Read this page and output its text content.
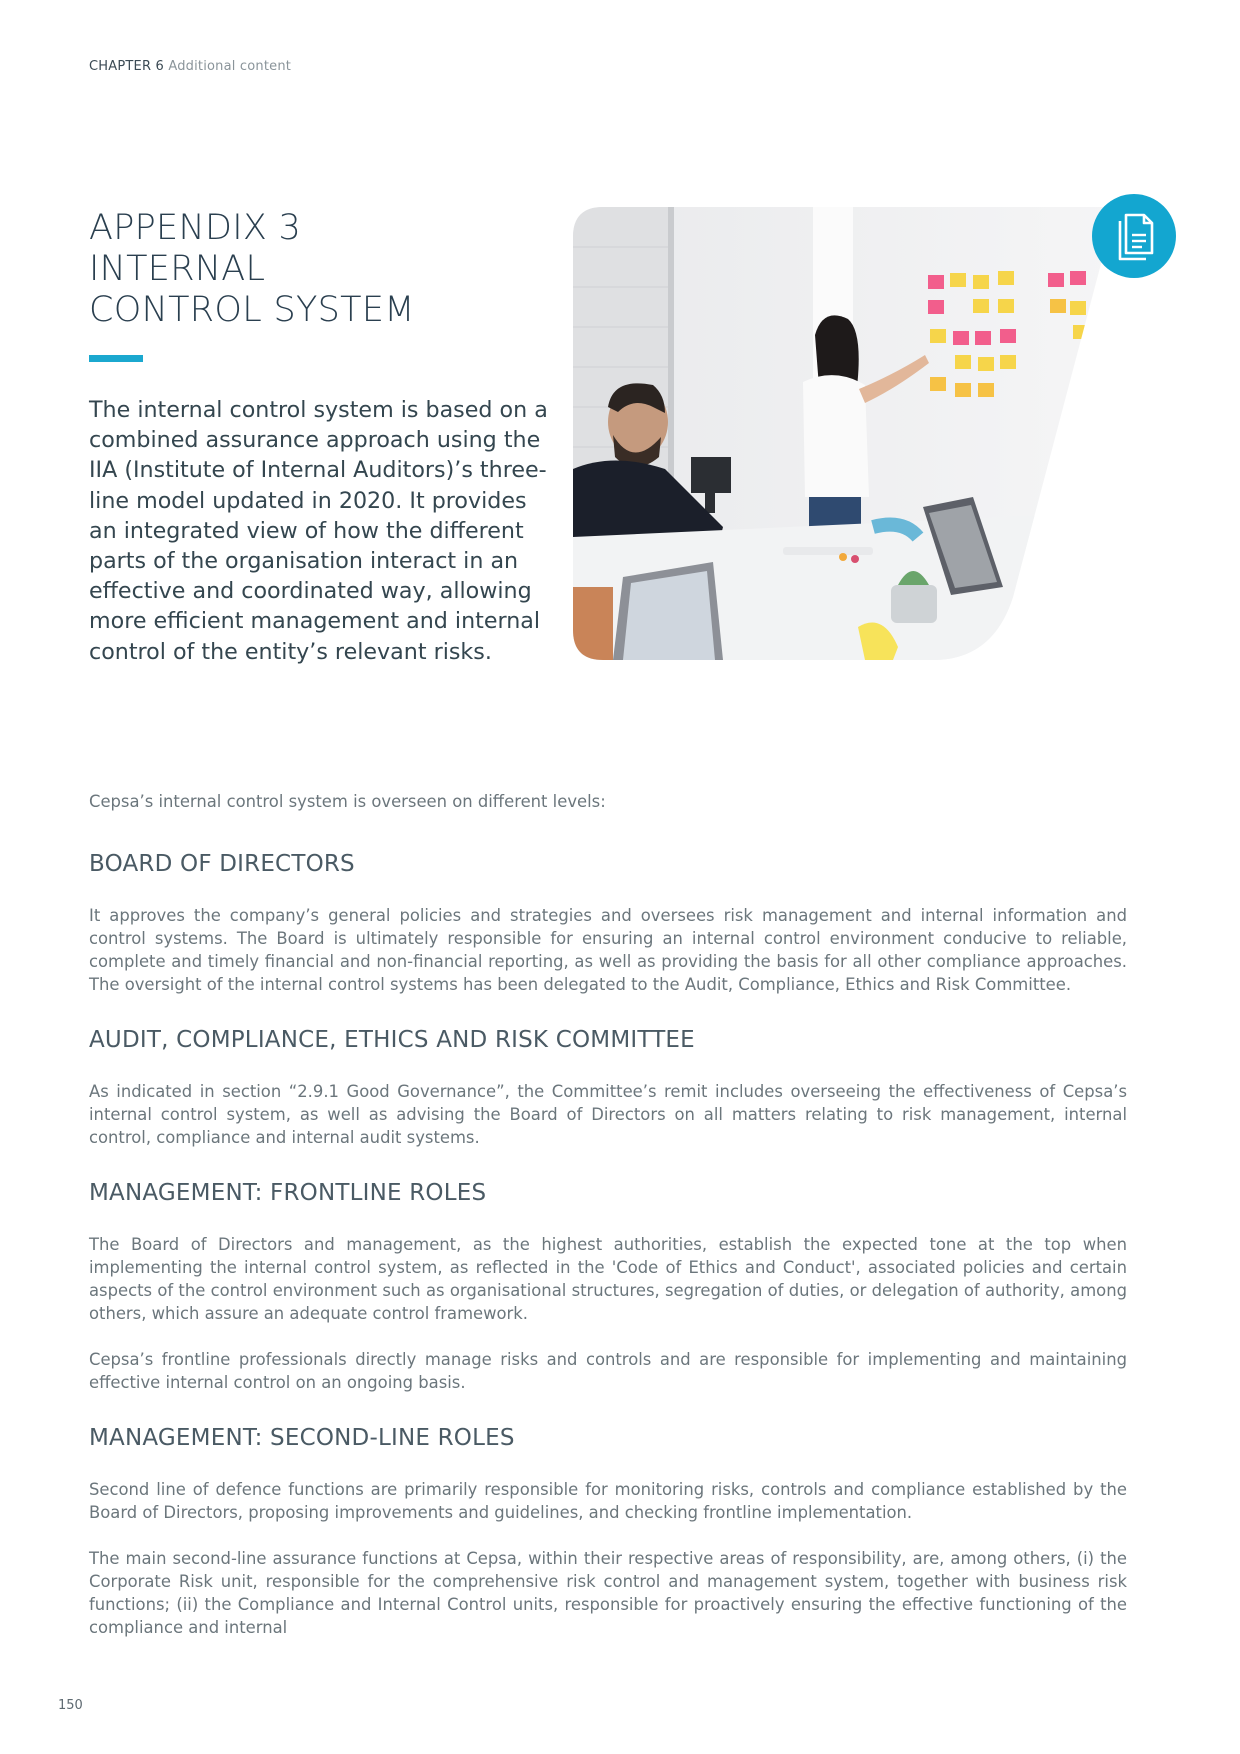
CHAPTER 6 Additional content
APPENDIX 3
INTERNAL
CONTROL SYSTEM
The internal control system is based on a combined assurance approach using the IIA (Institute of Internal Auditors)’s three-line model updated in 2020. It provides an integrated view of how the different parts of the organisation interact in an effective and coordinated way, allowing more efficient management and internal control of the entity’s relevant risks.

Cepsa’s internal control system is overseen on different levels:

BOARD OF DIRECTORS

It approves the company’s general policies and strategies and oversees risk management and internal information and control systems. The Board is ultimately responsible for ensuring an internal control environment conducive to reliable, complete and timely financial and non-financial reporting, as well as providing the basis for all other compliance approaches. The oversight of the internal control systems has been delegated to the Audit, Compliance, Ethics and Risk Committee.

AUDIT, COMPLIANCE, ETHICS AND RISK COMMITTEE

As indicated in section “2.9.1 Good Governance”, the Committee’s remit includes overseeing the effectiveness of Cepsa’s internal control system, as well as advising the Board of Directors on all matters relating to risk management, internal control, compliance and internal audit systems.

MANAGEMENT: FRONTLINE ROLES

The Board of Directors and management, as the highest authorities, establish the expected tone at the top when implementing the internal control system, as reflected in the 'Code of Ethics and Conduct', associated policies and certain aspects of the control environment such as organisational structures, segregation of duties, or delegation of authority, among others, which assure an adequate control framework.

Cepsa’s frontline professionals directly manage risks and controls and are responsible for implementing and maintaining effective internal control on an ongoing basis.

MANAGEMENT: SECOND-LINE ROLES

Second line of defence functions are primarily responsible for monitoring risks, controls and compliance established by the Board of Directors, proposing improvements and guidelines, and checking frontline implementation.

The main second-line assurance functions at Cepsa, within their respective areas of responsibility, are, among others, (i) the Corporate Risk unit, responsible for the comprehensive risk control and management system, together with business risk functions; (ii) the Compliance and Internal Control units, responsible for proactively ensuring the effective functioning of the compliance and internal

150
